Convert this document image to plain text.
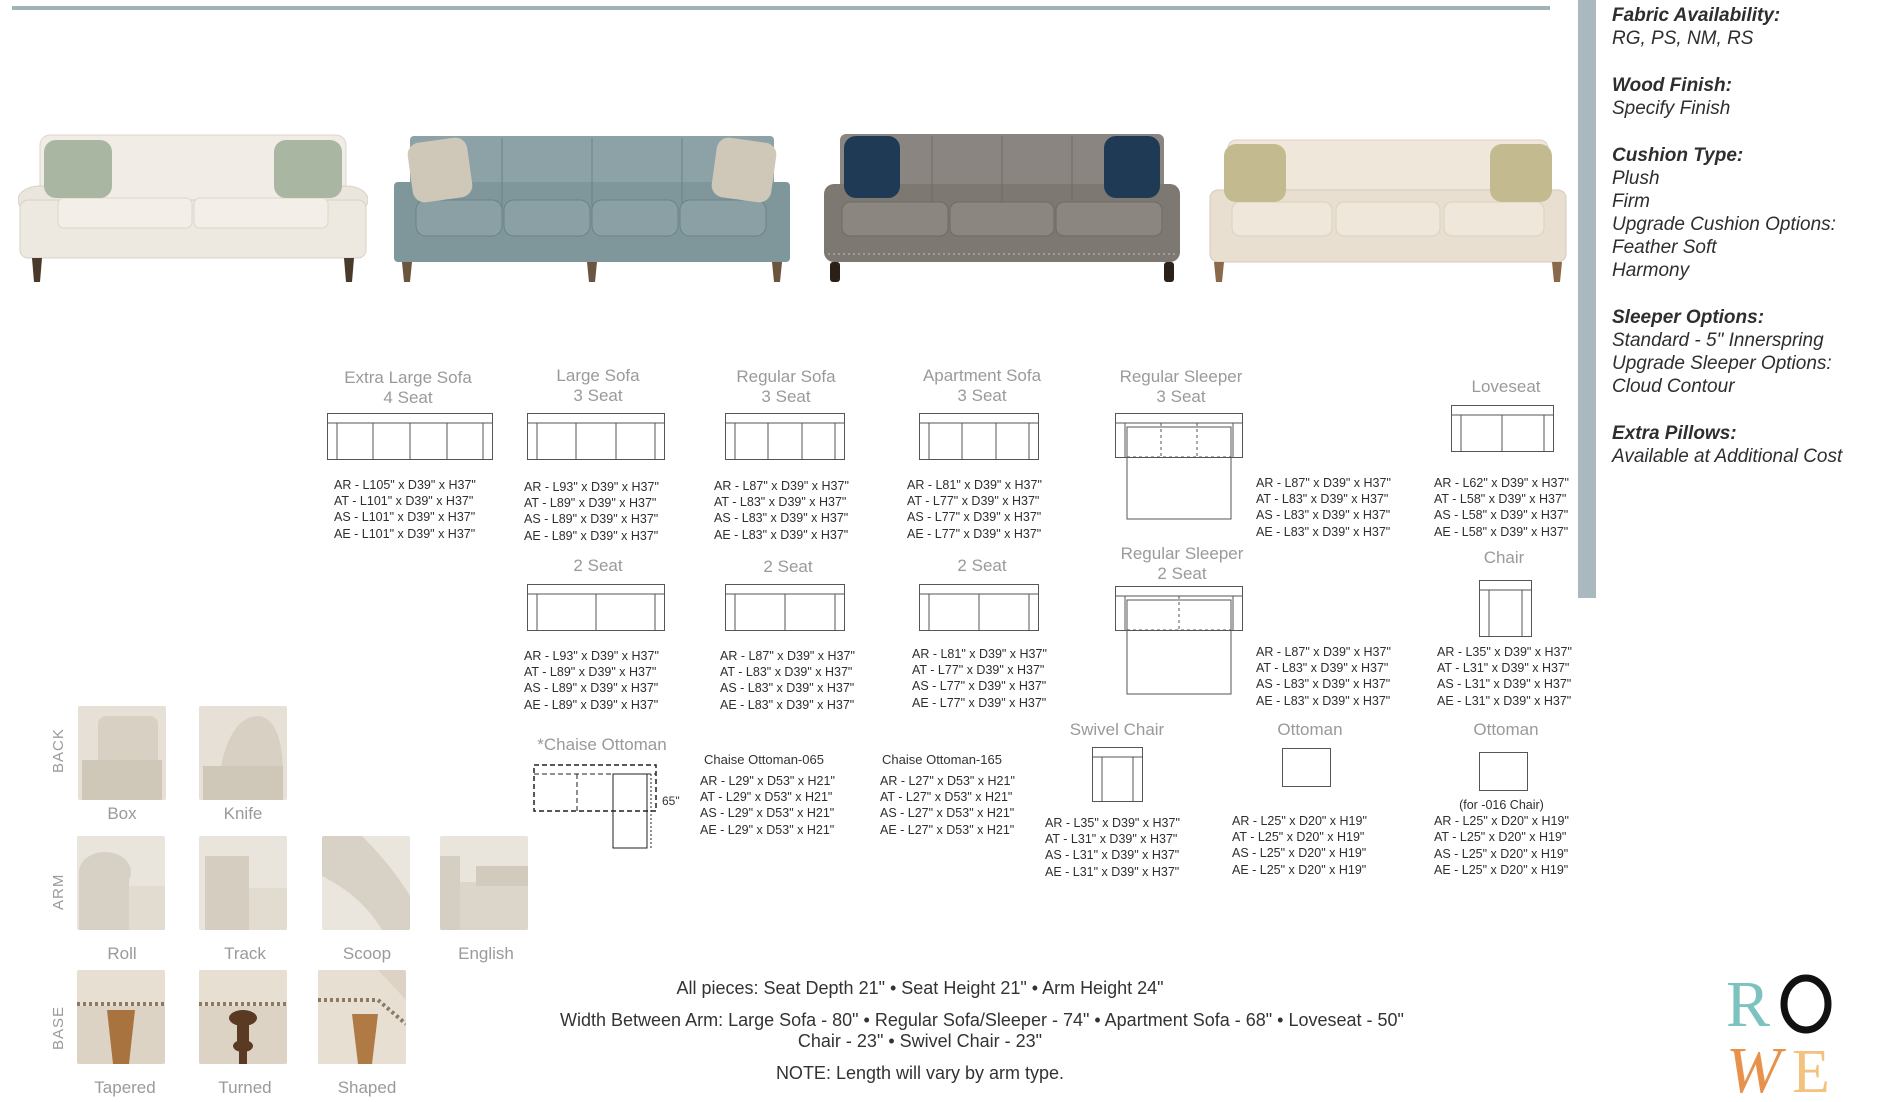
Fabric Availability:
RG, PS, NM, RS
Wood Finish:
Specify Finish
Cushion Type:
Plush
Firm
Upgrade Cushion Options:
Feather Soft
Harmony
Sleeper Options:
Standard - 5" Innerspring
Upgrade Sleeper Options:
Cloud Contour
Extra Pillows:
Available at Additional Cost
Extra Large Sofa
4 Seat
AR - L105" x D39" x H37"
AT - L101" x D39" x H37"
AS - L101" x D39" x H37"
AE - L101" x D39" x H37"
Large Sofa
3 Seat
AR - L93" x D39" x H37"
AT - L89" x D39" x H37"
AS - L89" x D39" x H37"
AE - L89" x D39" x H37"
Regular Sofa
3 Seat
AR - L87" x D39" x H37"
AT - L83" x D39" x H37"
AS - L83" x D39" x H37"
AE - L83" x D39" x H37"
Apartment Sofa
3 Seat
AR - L81" x D39" x H37"
AT - L77" x D39" x H37"
AS - L77" x D39" x H37"
AE - L77" x D39" x H37"
Regular Sleeper
3 Seat
AR - L87" x D39" x H37"
AT - L83" x D39" x H37"
AS - L83" x D39" x H37"
AE - L83" x D39" x H37"
Loveseat
AR - L62" x D39" x H37"
AT - L58" x D39" x H37"
AS - L58" x D39" x H37"
AE - L58" x D39" x H37"
2 Seat
AR - L93" x D39" x H37"
AT - L89" x D39" x H37"
AS - L89" x D39" x H37"
AE - L89" x D39" x H37"
2 Seat
AR - L87" x D39" x H37"
AT - L83" x D39" x H37"
AS - L83" x D39" x H37"
AE - L83" x D39" x H37"
2 Seat
AR - L81" x D39" x H37"
AT - L77" x D39" x H37"
AS - L77" x D39" x H37"
AE - L77" x D39" x H37"
Regular Sleeper
2 Seat
AR - L87" x D39" x H37"
AT - L83" x D39" x H37"
AS - L83" x D39" x H37"
AE - L83" x D39" x H37"
Chair
AR - L35" x D39" x H37"
AT - L31" x D39" x H37"
AS - L31" x D39" x H37"
AE - L31" x D39" x H37"
*Chaise Ottoman
65"
Chaise Ottoman-065
AR - L29" x D53" x H21"
AT - L29" x D53" x H21"
AS - L29" x D53" x H21"
AE - L29" x D53" x H21"
Chaise Ottoman-165
AR - L27" x D53" x H21"
AT - L27" x D53" x H21"
AS - L27" x D53" x H21"
AE - L27" x D53" x H21"
Swivel Chair
AR - L35" x D39" x H37"
AT - L31" x D39" x H37"
AS - L31" x D39" x H37"
AE - L31" x D39" x H37"
Ottoman
AR - L25" x D20" x H19"
AT - L25" x D20" x H19"
AS - L25" x D20" x H19"
AE - L25" x D20" x H19"
Ottoman
(for -016 Chair)
AR - L25" x D20" x H19"
AT - L25" x D20" x H19"
AS - L25" x D20" x H19"
AE - L25" x D20" x H19"
BACK
ARM
BASE
Box	Knife
Roll	Track	Scoop	English
Tapered	Turned	Shaped
All pieces: Seat Depth 21" • Seat Height 21" • Arm Height 24"
Width Between Arm: Large Sofa - 80" • Regular Sofa/Sleeper - 74" • Apartment Sofa - 68" • Loveseat - 50"
Chair - 23" • Swivel Chair - 23"
NOTE: Length will vary by arm type.
R
W E
